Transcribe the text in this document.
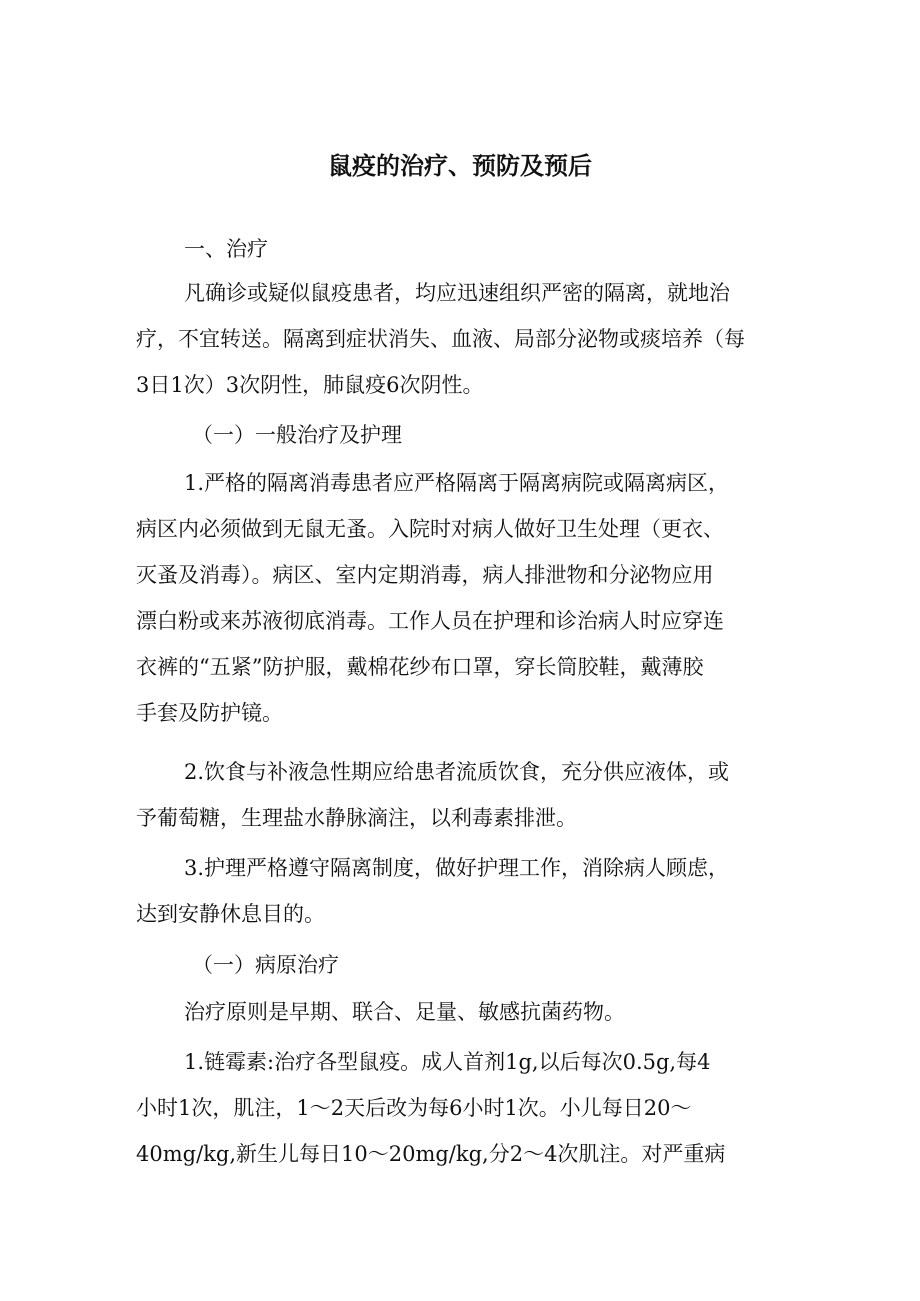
鼠疫的治疗、预防及预后

一、治疗

凡确诊或疑似鼠疫患者，均应迅速组织严密的隔离，就地治
疗，不宜转送。隔离到症状消失、血液、局部分泌物或痰培养（每
3日1次）3次阴性，肺鼠疫6次阴性。

（一）一般治疗及护理

1.严格的隔离消毒患者应严格隔离于隔离病院或隔离病区，
病区内必须做到无鼠无蚤。入院时对病人做好卫生处理（更衣、
灭蚤及消毒）。病区、室内定期消毒，病人排泄物和分泌物应用
漂白粉或来苏液彻底消毒。工作人员在护理和诊治病人时应穿连
衣裤的“五紧”防护服，戴棉花纱布口罩，穿长筒胶鞋，戴薄胶
手套及防护镜。

2.饮食与补液急性期应给患者流质饮食，充分供应液体，或
予葡萄糖，生理盐水静脉滴注，以利毒素排泄。

3.护理严格遵守隔离制度，做好护理工作，消除病人顾虑，
达到安静休息目的。

（一）病原治疗

治疗原则是早期、联合、足量、敏感抗菌药物。

1.链霉素:治疗各型鼠疫。成人首剂1g,以后每次0.5g,每4
小时1次，肌注，1～2天后改为每6小时1次。小儿每日20～
40mg/kg,新生儿每日10～20mg/kg,分2～4次肌注。对严重病
